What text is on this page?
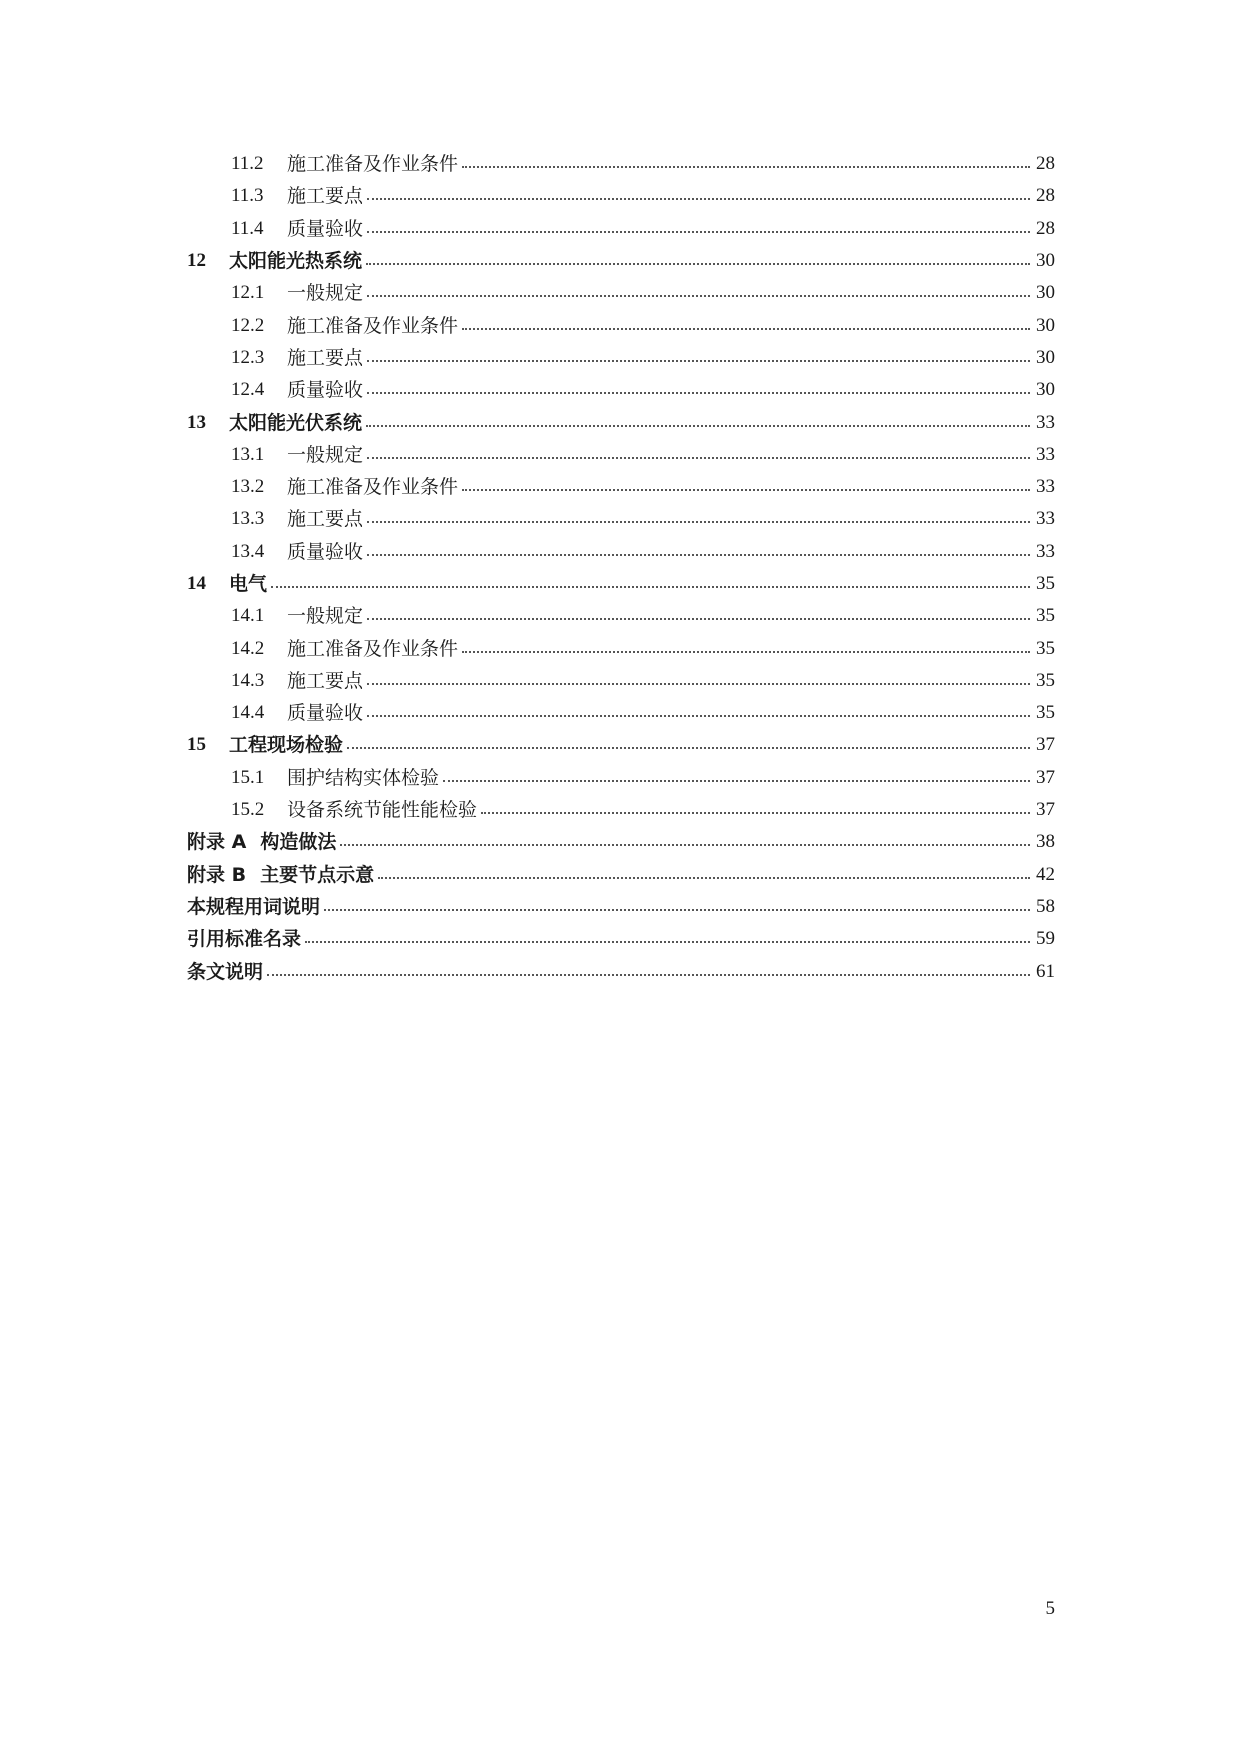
11.2	施工准备及作业条件	28
11.3	施工要点	28
11.4	质量验收	28
12	太阳能光热系统	30
12.1	一般规定	30
12.2	施工准备及作业条件	30
12.3	施工要点	30
12.4	质量验收	30
13	太阳能光伏系统	33
13.1	一般规定	33
13.2	施工准备及作业条件	33
13.3	施工要点	33
13.4	质量验收	33
14	电气	35
14.1	一般规定	35
14.2	施工准备及作业条件	35
14.3	施工要点	35
14.4	质量验收	35
15	工程现场检验	37
15.1	围护结构实体检验	37
15.2	设备系统节能性能检验	37
附录 A 构造做法	38
附录 B 主要节点示意	42
本规程用词说明	58
引用标准名录	59
条文说明	61
5
